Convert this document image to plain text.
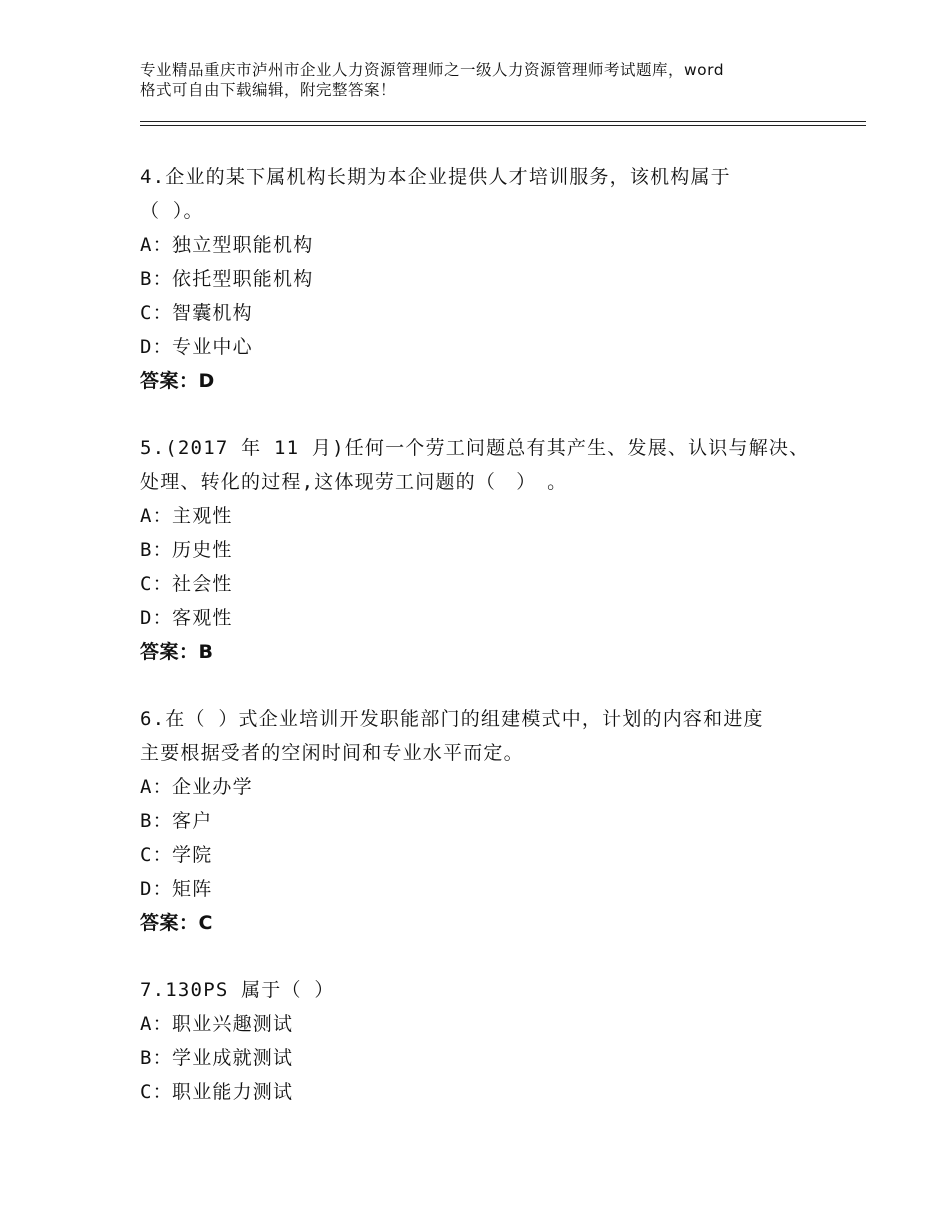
专业精品重庆市泸州市企业人力资源管理师之一级人力资源管理师考试题库，word
格式可自由下载编辑，附完整答案！
4.企业的某下属机构长期为本企业提供人才培训服务，该机构属于
（ ）。
A：独立型职能机构
B：依托型职能机构
C：智囊机构
D：专业中心
答案：D
5.(2017 年 11 月)任何一个劳工问题总有其产生、发展、认识与解决、
处理、转化的过程,这体现劳工问题的（　）　。
A：主观性
B：历史性
C：社会性
D：客观性
答案：B
6.在（ ）式企业培训开发职能部门的组建模式中，计划的内容和进度
主要根据受者的空闲时间和专业水平而定。
A：企业办学
B：客户
C：学院
D：矩阵
答案：C
7.130PS 属于（ ）
A：职业兴趣测试
B：学业成就测试
C：职业能力测试
